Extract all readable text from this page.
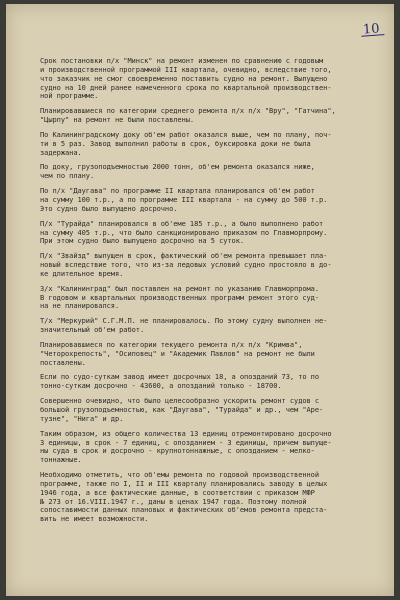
10

Срок постановки п/х "Минск" на ремонт изменен по сравнению с годовым
и производственной программой III квартала, очевидно, вследствие того,
что заказчик не смог своевременно поставить судно на ремонт. Выпущено
судно на 10 дней ранее намеченного срока по квартальной производствен-
ной программе.

Планировавшиеся по категории среднего ремонта п/х п/х "Вру", "Гатчина",
"Цырпу" на ремонт не были поставлены.

По Калининградскому доку об'ем работ оказался выше, чем по плану, поч-
ти в 5 раз. Завод выполнил работы в срок, буксировка доки не была
задержана.

По доку, грузоподъемностью 2000 тонн, об'ем ремонта оказался ниже,
чем по плану.

По п/х "Даугава" по программе II квартала планировался об'ем работ
на сумму 100 т.р., а по программе III квартала - на сумму до 500 т.р.
Это судно было выпущено досрочно.

П/х "Турайда" планировался в об'еме 185 т.р., а было выполнено работ
на сумму 405 т.р., что было санкционировано приказом по Главморпрому.
При этом судно было выпущено досрочно на 5 суток.

П/х "Звайзд" выпущен в срок, фактический об'ем ремонта превышает пла-
новый вследствие того, что из-за ледовых условий судно простояло в до-
ке длительное время.

З/х "Калининград" был поставлен на ремонт по указанию Главморпрома.
В годовом и квартальных производственных программ ремонт этого суд-
на не планировался.

Т/х "Меркурий" С.Г.М.П. не планировалось. По этому судну выполнен не-
значительный об'ем работ.

Планировавшиеся по категории текущего ремонта п/х п/х "Кримва",
"Четорохрепость", "Осиповец" и "Академик Павлов" на ремонт не были
поставлены.

Если по судо-суткам завод имеет досрочных 18, а опозданий 73, то по
тонно-суткам досрочно - 43600, а опозданий только - 18700.

Совершенно очевидно, что было целесообразно ускорить ремонт судов с
большой грузоподъемностью, как "Даугава", "Турайда" и др., чем "Аре-
тузне", "Нига" и др.

Таким образом, из общего количества 13 единиц отремонтировано досрочно
3 единицы, в срок - 7 единиц, с опозданием - 3 единицы, причем выпуще-
ны суда в срок и досрочно - крупнотоннажные, с опозданием - мелко-
тоннажные.

Необходимо отметить, что об'емы ремонта по годовой производственной
программе, также по I, II и III кварталу планировались заводу в целых
1946 года, а все фактические данные, в соответствии с приказом МФР
№ 273 от 16.VIII.1947 г., даны в ценах 1947 года. Поэтому полной
сопоставимости данных плановых и фактических об'емов ремонта предста-
вить не имеет возможности.
